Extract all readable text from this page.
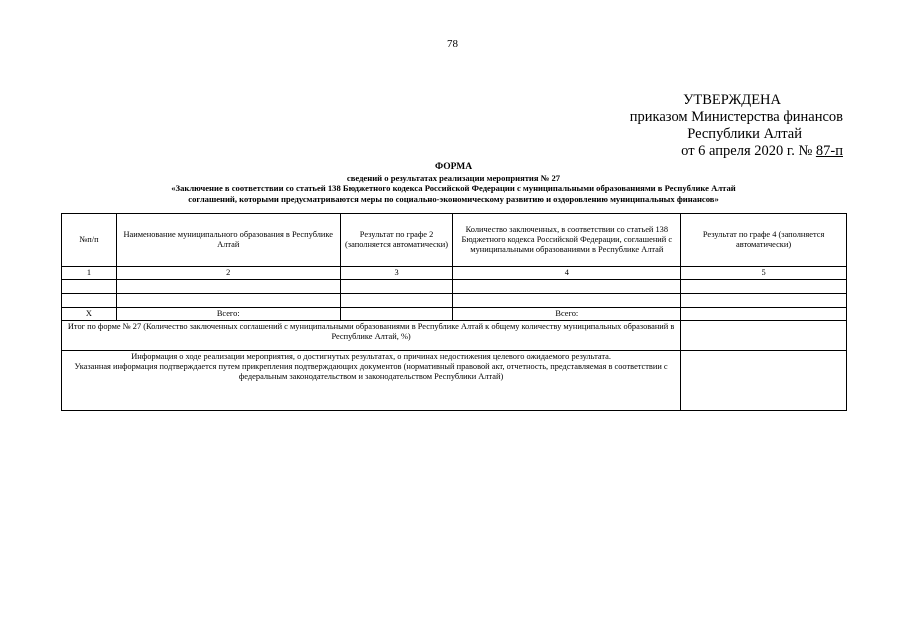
78
УТВЕРЖДЕНА
приказом Министерства финансов
Республики Алтай
от 6 апреля 2020 г. № 87-п
ФОРМА
сведений о результатах реализации мероприятия № 27
«Заключение в соответствии со статьей 138 Бюджетного кодекса Российской Федерации с муниципальными образованиями в Республике Алтай
соглашений, которыми предусматриваются меры по социально-экономическому развитию и оздоровлению муниципальных финансов»
№п/п	Наименование муниципального образования в Республике Алтай	Результат по графе 2 (заполняется автоматически)	Количество заключенных, в соответствии со статьей 138 Бюджетного кодекса Российской Федерации, соглашений с муниципальными образованиями в Республике Алтай	Результат по графе 4 (заполняется автоматически)
1	2	3	4	5

Х	Всего:		Всего:	
Итог по форме № 27 (Количество заключенных соглашений с муниципальными образованиями в Республике Алтай к общему количеству муниципальных образований в Республике Алтай, %)				

Информация о ходе реализации мероприятия, о достигнутых результатах, о причинах недостижения целевого ожидаемого результата.
Указанная информация подтверждается путем прикрепления подтверждающих документов (нормативный правовой акт, отчетность, представляемая в соответствии с федеральным законодательством и законодательством Республики Алтай)				
